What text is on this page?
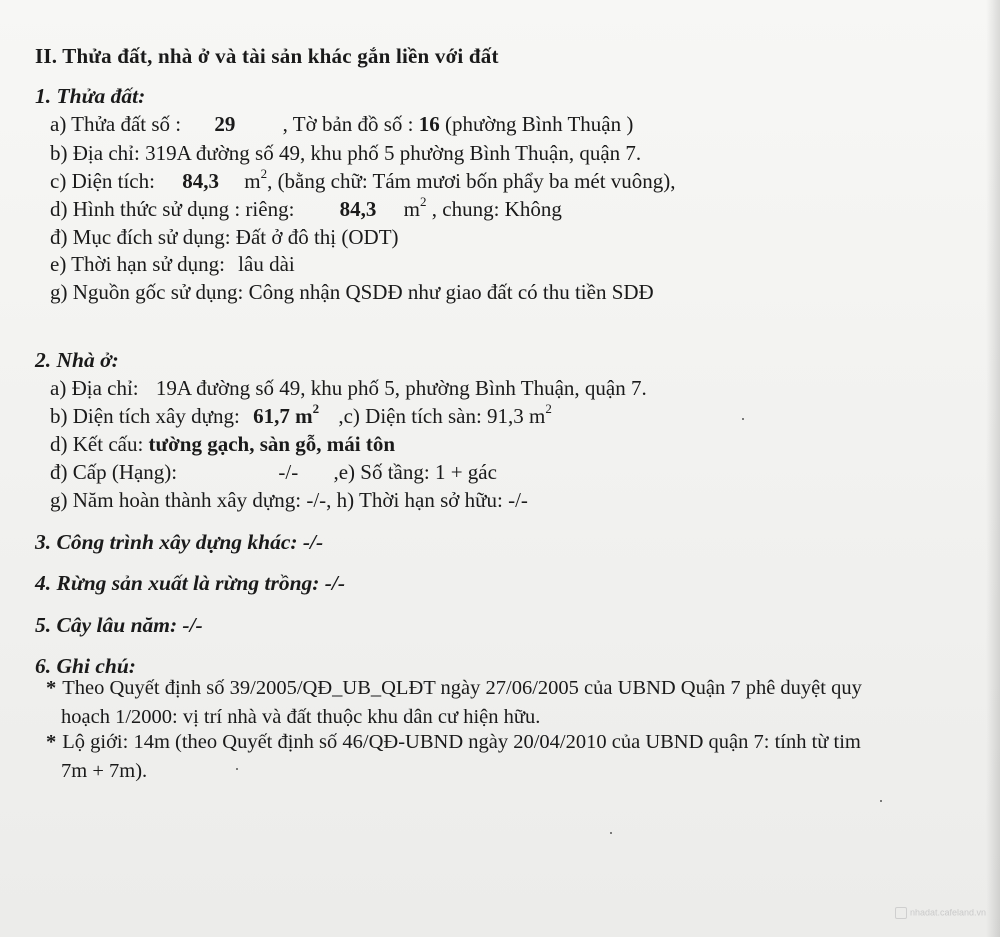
II. Thửa đất, nhà ở và tài sản khác gắn liền với đất
1. Thửa đất:
a) Thửa đất số : 29 , Tờ bản đồ số : 16 (phường Bình Thuận )
b) Địa chỉ: 319A đường số 49, khu phố 5 phường Bình Thuận, quận 7.
c) Diện tích: 84,3 $m^2$, (bằng chữ: Tám mươi bốn phẩy ba mét vuông),
d) Hình thức sử dụng : riêng: 84,3 $m^2$ , chung: Không
đ) Mục đích sử dụng: Đất ở đô thị (ODT)
e) Thời hạn sử dụng: lâu dài
g) Nguồn gốc sử dụng: Công nhận QSDĐ như giao đất có thu tiền SDĐ
2. Nhà ở:
a) Địa chỉ: 19A đường số 49, khu phố 5, phường Bình Thuận, quận 7.
b) Diện tích xây dựng: 61,7 $m^2$ ,c) Diện tích sàn: 91,3 $m^2$
d) Kết cấu: tường gạch, sàn gỗ, mái tôn
đ) Cấp (Hạng):	-/- ,e) Số tầng: 1 + gác
g) Năm hoàn thành xây dựng: -/-, h) Thời hạn sở hữu: -/-
3. Công trình xây dựng khác: -/-
4. Rừng sản xuất là rừng trồng: -/-
5. Cây lâu năm: -/-
6. Ghi chú:
* Theo Quyết định số 39/2005/QĐ_UB_QLĐT ngày 27/06/2005 của UBND Quận 7 phê duyệt quy
hoạch 1/2000: vị trí nhà và đất thuộc khu dân cư hiện hữu.
* Lộ giới: 14m (theo Quyết định số 46/QĐ-UBND ngày 20/04/2010 của UBND quận 7: tính từ tim
7m + 7m).
nhadat.cafeland.vn
